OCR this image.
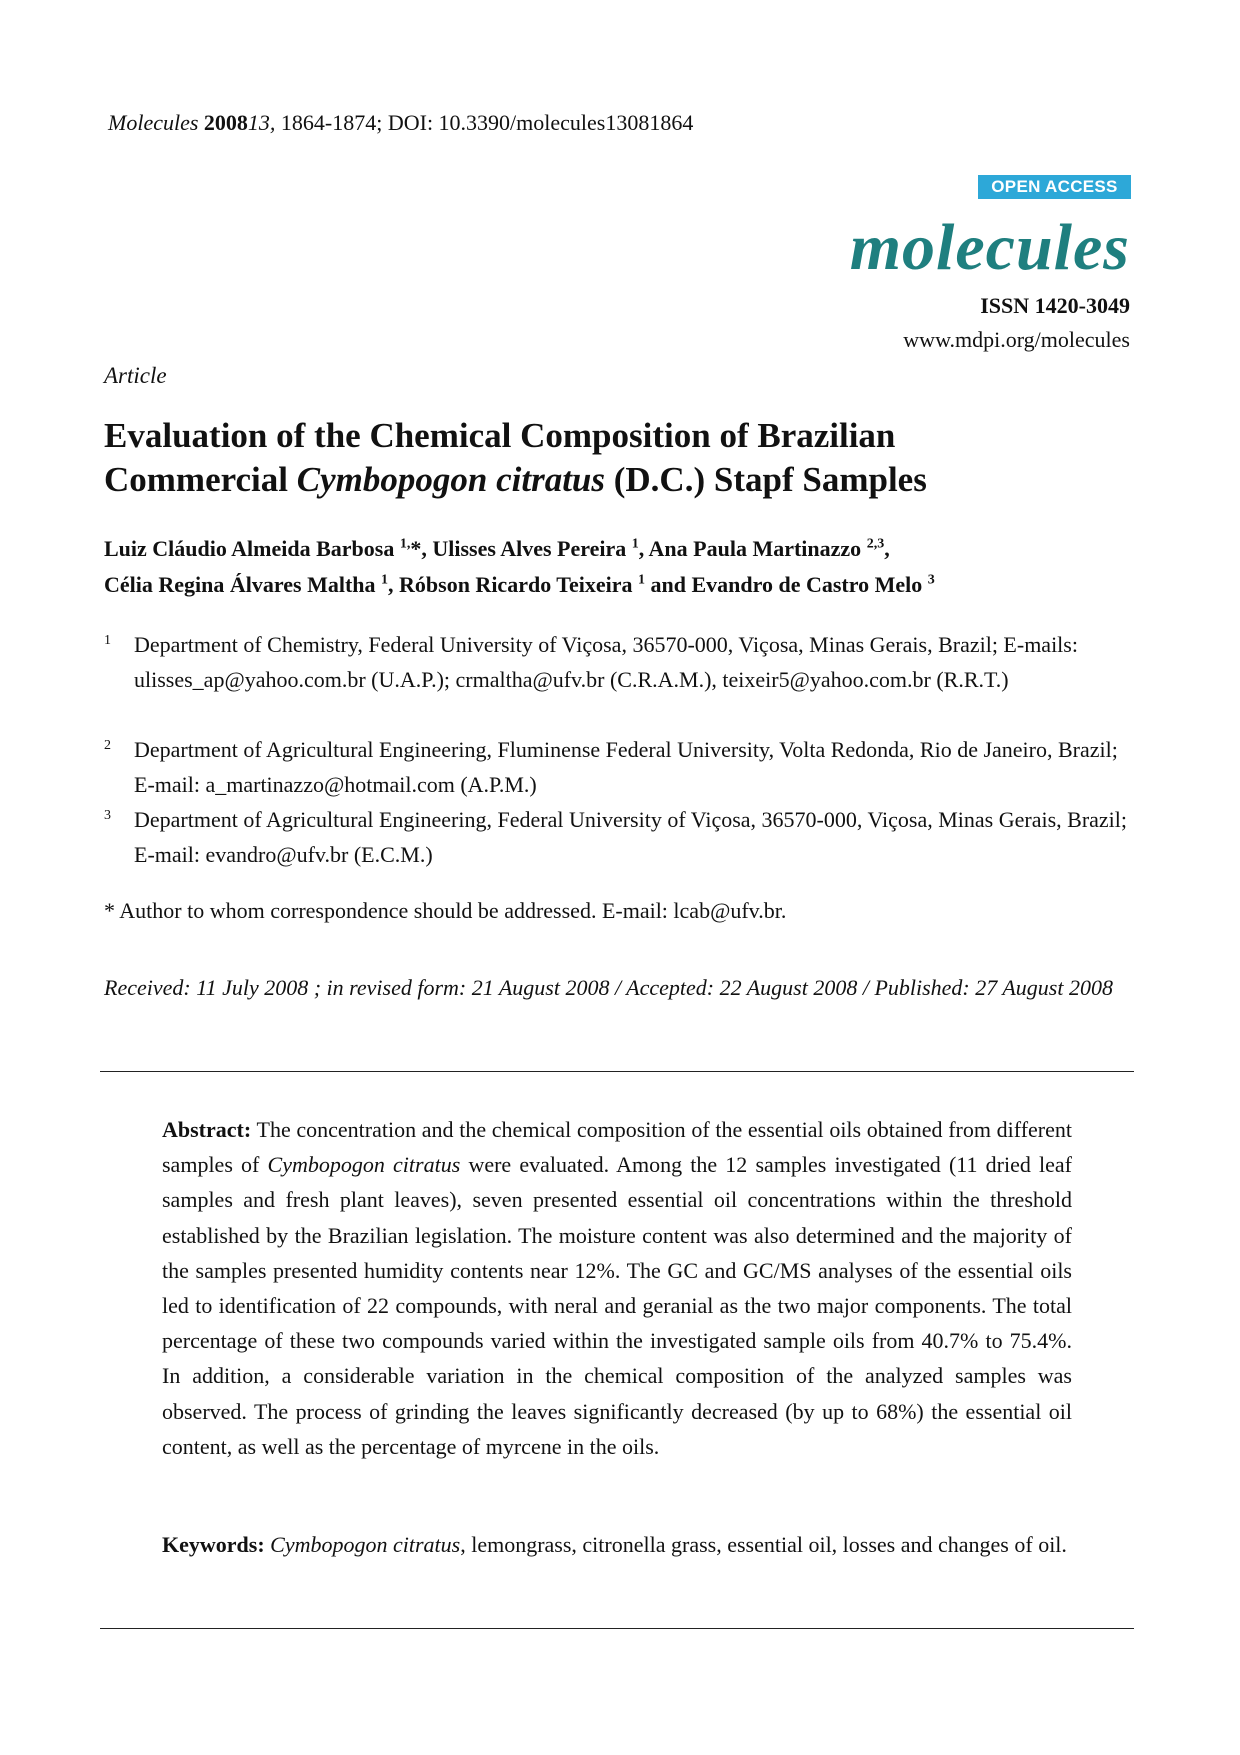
Molecules 200813, 1864-1874; DOI: 10.3390/molecules13081864
OPEN ACCESS
molecules
ISSN 1420-3049
www.mdpi.org/molecules
Article
Evaluation of the Chemical Composition of Brazilian
Commercial Cymbopogon citratus (D.C.) Stapf Samples
Luiz Cláudio Almeida Barbosa $^{1,}$*, Ulisses Alves Pereira $^1$, Ana Paula Martinazzo $^{2,3}$,
Célia Regina Álvares Maltha $^1$, Róbson Ricardo Teixeira $^1$ and Evandro de Castro Melo $^3$
1 Department of Chemistry, Federal University of Viçosa, 36570-000, Viçosa, Minas Gerais, Brazil; E-mails: ulisses_ap@yahoo.com.br (U.A.P.); crmaltha@ufv.br (C.R.A.M.), teixeir5@yahoo.com.br (R.R.T.)
2 Department of Agricultural Engineering, Fluminense Federal University, Volta Redonda, Rio de Janeiro, Brazil; E-mail: a_martinazzo@hotmail.com (A.P.M.)
3 Department of Agricultural Engineering, Federal University of Viçosa, 36570-000, Viçosa, Minas Gerais, Brazil; E-mail: evandro@ufv.br (E.C.M.)
* Author to whom correspondence should be addressed. E-mail: lcab@ufv.br.
Received: 11 July 2008 ; in revised form: 21 August 2008 / Accepted: 22 August 2008 / Published: 27 August 2008
Abstract: The concentration and the chemical composition of the essential oils obtained from different samples of Cymbopogon citratus were evaluated. Among the 12 samples investigated (11 dried leaf samples and fresh plant leaves), seven presented essential oil concentrations within the threshold established by the Brazilian legislation. The moisture content was also determined and the majority of the samples presented humidity contents near 12%. The GC and GC/MS analyses of the essential oils led to identification of 22 compounds, with neral and geranial as the two major components. The total percentage of these two compounds varied within the investigated sample oils from 40.7% to 75.4%. In addition, a considerable variation in the chemical composition of the analyzed samples was observed. The process of grinding the leaves significantly decreased (by up to 68%) the essential oil content, as well as the percentage of myrcene in the oils.
Keywords: Cymbopogon citratus, lemongrass, citronella grass, essential oil, losses and changes of oil.
